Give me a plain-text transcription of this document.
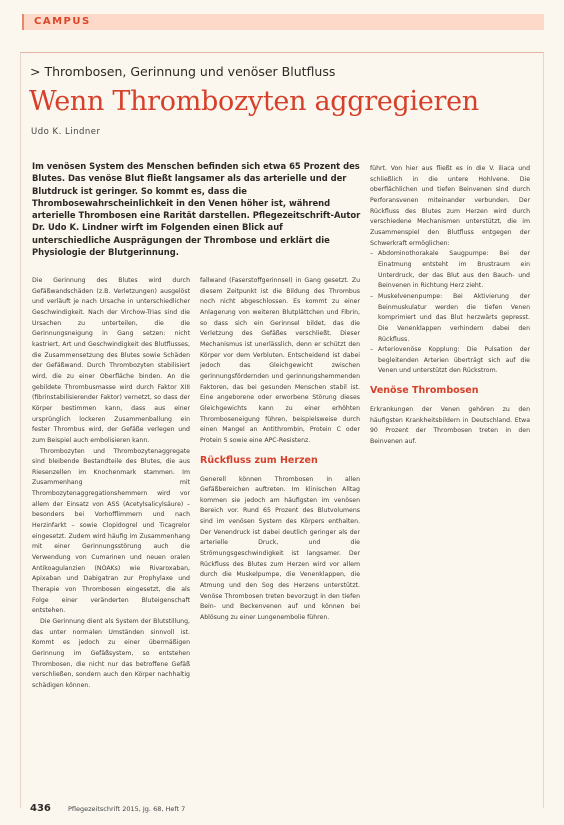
CAMPUS
> Thrombosen, Gerinnung und venöser Blutfluss
Wenn Thrombozyten aggregieren
Udo K. Lindner

Im venösen System des Menschen befinden sich etwa 65 Prozent des Blutes. Das venöse Blut fließt langsamer als das arterielle und der Blutdruck ist geringer. So kommt es, dass die Thrombosewahrscheinlichkeit in den Venen höher ist, während arterielle Thrombosen eine Rarität darstellen. Pflegezeitschrift-Autor Dr. Udo K. Lindner wirft im Folgenden einen Blick auf unterschiedliche Ausprägungen der Thrombose und erklärt die Physiologie der Blutgerinnung.

Die Gerinnung des Blutes wird durch Gefäßwandschäden (z.B. Verletzungen) ausgelöst und verläuft je nach Ursache in unterschiedlicher Geschwindigkeit. Nach der Virchow-Trias sind die Ursachen zu unterteilen, die die Gerinnungsneigung in Gang setzen: nicht kastriert, Art und Geschwindigkeit des Blutflusses, die Zusammensetzung des Blutes sowie Schäden der Gefäßwand. Durch Thrombozyten stabilisiert wird, die zu einer Oberfläche binden. An die gebildete Thrombusmasse wird durch Faktor XIII (fibrinstabilisierender Faktor) vernetzt, so dass der Körper bestimmen kann, dass aus einer ursprünglich lockeren Zusammenballung ein fester Thrombus wird, der Gefäße verlegen und zum Beispiel auch embolisieren kann.

Thrombozyten und Thrombozytenaggregate sind bleibende Bestandteile des Blutes, die aus Riesenzellen im Knochenmark stammen. Im Zusammenhang mit Thrombozytenaggregationshemmern wird vor allem der Einsatz von ASS (Acetylsalicylsäure) – besonders bei Vorhofflimmern und nach Herzinfarkt – sowie Clopidogrel und Ticagrelor eingesetzt. Zudem wird häufig im Zusammenhang mit einer Gerinnungsstörung auch die Verwendung von Cumarinen und neuen oralen Antikoagulanzien (NOAKs) wie Rivaroxaban, Apixaban und Dabigatran zur Prophylaxe und Therapie von Thrombosen eingesetzt, die als Folge einer veränderten Bluteigenschaft entstehen.

Die Gerinnung dient als System der Blutstillung, das unter normalen Umständen sinnvoll ist. Kommt es jedoch zu einer übermäßigen Gerinnung im Gefäßsystem, so entstehen Thrombosen, die nicht nur das betroffene Gefäß verschließen, sondern auch den Körper nachhaltig schädigen können.

fallwand (Faserstoffgerinnsel) in Gang gesetzt. Zu diesem Zeitpunkt ist die Bildung des Thrombus noch nicht abgeschlossen. Es kommt zu einer Anlagerung von weiteren Blutplättchen und Fibrin, so dass sich ein Gerinnsel bildet, das die Verletzung des Gefäßes verschließt. Dieser Mechanismus ist unerlässlich, denn er schützt den Körper vor dem Verbluten. Entscheidend ist dabei jedoch das Gleichgewicht zwischen gerinnungsfördernden und gerinnungshemmenden Faktoren, das bei gesunden Menschen stabil ist. Eine angeborene oder erworbene Störung dieses Gleichgewichts kann zu einer erhöhten Thromboseneigung führen, beispielsweise durch einen Mangel an Antithrombin, Protein C oder Protein S sowie eine APC-Resistenz.

Rückfluss zum Herzen

Generell können Thrombosen in allen Gefäßbereichen auftreten. Im klinischen Alltag kommen sie jedoch am häufigsten im venösen Bereich vor. Rund 65 Prozent des Blutvolumens sind im venösen System des Körpers enthalten. Der Venendruck ist dabei deutlich geringer als der arterielle Druck, und die Strömungsgeschwindigkeit ist langsamer. Der Rückfluss des Blutes zum Herzen wird vor allem durch die Muskelpumpe, die Venenklappen, die Atmung und den Sog des Herzens unterstützt. Venöse Thrombosen treten bevorzugt in den tiefen Bein- und Beckenvenen auf und können bei Ablösung zu einer Lungenembolie führen.

führt. Von hier aus fließt es in die V. iliaca und schließlich in die untere Hohlvene. Die oberflächlichen und tiefen Beinvenen sind durch Perforansvenen miteinander verbunden. Der Rückfluss des Blutes zum Herzen wird durch verschiedene Mechanismen unterstützt, die im Zusammenspiel den Blutfluss entgegen der Schwerkraft ermöglichen:

– Abdominothorakale Saugpumpe: Bei der Einatmung entsteht im Brustraum ein Unterdruck, der das Blut aus den Bauch- und Beinvenen in Richtung Herz zieht.
– Muskelvenenpumpe: Bei Aktivierung der Beinmuskulatur werden die tiefen Venen komprimiert und das Blut herzwärts gepresst. Die Venenklappen verhindern dabei den Rückfluss.
– Arteriovenöse Kopplung: Die Pulsation der begleitenden Arterien überträgt sich auf die Venen und unterstützt den Rückstrom.
Venöse Thrombosen

Erkrankungen der Venen gehören zu den häufigsten Krankheitsbildern in Deutschland. Etwa 90 Prozent der Thrombosen treten in den Beinvenen auf.

436	Pflegezeitschrift 2015, Jg. 68, Heft 7
